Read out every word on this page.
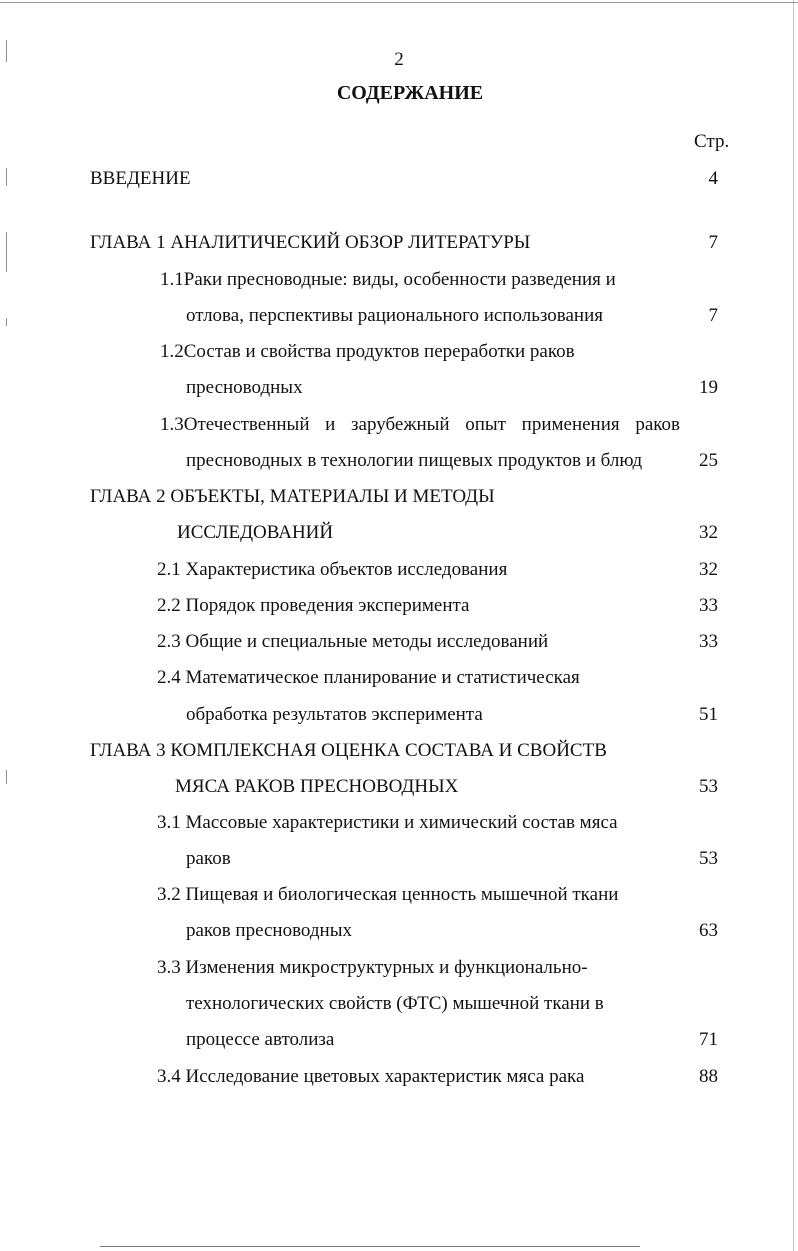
2
СОДЕРЖАНИЕ
Стр.
ВВЕДЕНИЕ	4
ГЛАВА 1 АНАЛИТИЧЕСКИЙ ОБЗОР ЛИТЕРАТУРЫ	7
1.1Раки пресноводные: виды, особенности разведения и
отлова, перспективы рационального использования	7
1.2Состав и свойства продуктов переработки раков
пресноводных	19
1.3Отечественный и зарубежный опыт применения раков
пресноводных в технологии пищевых продуктов и блюд	25
ГЛАВА 2 ОБЪЕКТЫ, МАТЕРИАЛЫ И МЕТОДЫ
ИССЛЕДОВАНИЙ	32
2.1 Характеристика объектов исследования	32
2.2 Порядок проведения эксперимента	33
2.3 Общие и специальные методы исследований	33
2.4 Математическое планирование и статистическая
обработка результатов эксперимента	51
ГЛАВА 3 КОМПЛЕКСНАЯ ОЦЕНКА СОСТАВА И СВОЙСТВ
МЯСА РАКОВ ПРЕСНОВОДНЫХ	53
3.1 Массовые характеристики и химический состав мяса
раков	53
3.2 Пищевая и биологическая ценность мышечной ткани
раков пресноводных	63
3.3 Изменения микроструктурных и функционально-
технологических свойств (ФТС) мышечной ткани в
процессе автолиза	71
3.4 Исследование цветовых характеристик мяса рака	88
